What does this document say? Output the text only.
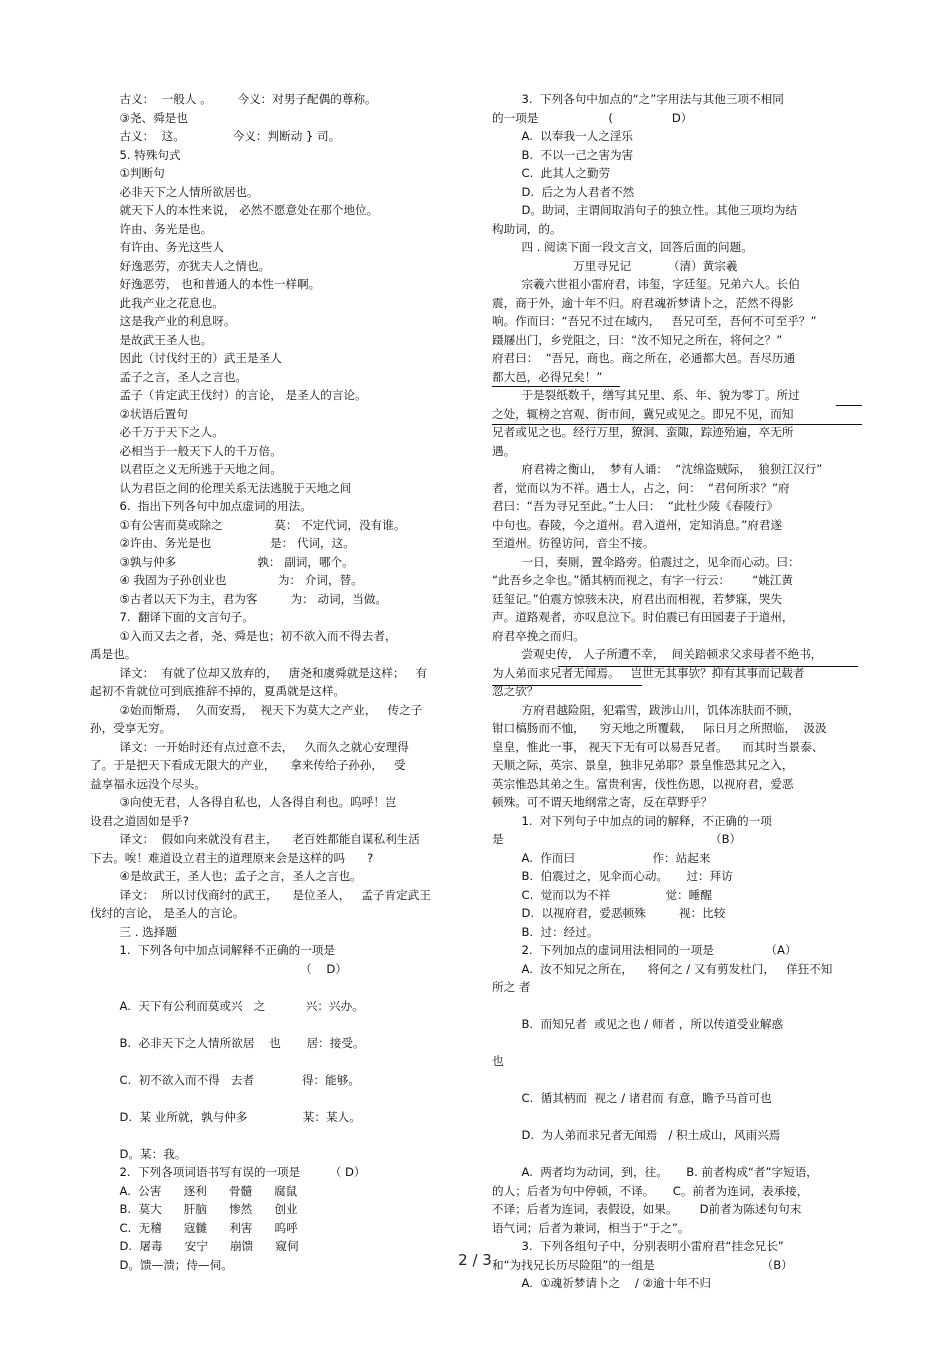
古义：  一般人 。       今义：对男子配偶的尊称。
③尧、舜是也
古义：  这。             今义：判断动 } 司。
5. 特殊句式
①判断句
必非天下之人情所欲居也。
就天下人的本性来说， 必然不愿意处在那个地位。
许由、务光是也。
有许由、务光这些人
好逸恶劳，亦犹夫人之情也。
好逸恶劳， 也和普通人的本性一样啊。
此我产业之花息也。
这是我产业的利息呀。
是故武王圣人也。
因此（讨伐纣王的）武王是圣人
孟子之言，圣人之言也。
孟子（肯定武王伐纣）的言论， 是圣人的言论。
②状语后置句
必千万于天下之人。
必相当于一般天下人的千万倍。
以君臣之义无所逃于天地之间。
认为君臣之间的伦理关系无法逃脱于天地之间
6.  指出下列各句中加点虚词的用法。
①有公害而莫或除之              莫： 不定代词，没有谁。
②许由、务光是也                是： 代词，这。
③孰与仲多                      孰： 副词，哪个。
④ 我固为子孙创业也              为： 介词，替。
⑤古者以天下为主，君为客         为： 动词，当做。
7.  翻译下面的文言句子。
①入而又去之者，尧、舜是也；初不欲入而不得去者，
禹是也。
译文：  有就了位却又放弃的，   唐尧和虞舜就是这样；   有
起初不肯就位可到底推辞不掉的，夏禹就是这样。
②始而惭焉，  久而安焉，  视天下为莫大之产业，   传之子
孙，受享无穷。
译文：一开始时还有点过意不去，   久而久之就心安理得
了。于是把天下看成无限大的产业，    拿来传给子孙孙，   受
益享福永远没个尽头。
③向使无君，人各得自私也，人各得自利也。呜呼！岂
设君之道固如是乎?
译文：  假如向来就没有君主，    老百姓都能自谋私利生活
下去。唉！难道设立君主的道理原来会是这样的吗      ?
④是故武王，圣人也；孟子之言，圣人之言也。
译文：  所以讨伐商纣的武王，    是位圣人，   孟子肯定武王
伐纣的言论， 是圣人的言论。
三 . 选择题
1.  下列各句中加点词解释不正确的一项是
（    D）

A.  天下有公利而莫或兴   之           兴：兴办。

B.  必非天下之人情所欲居    也       居：接受。

C.  初不欲入而不得   去者             得：能够。

D.  某 业所就，孰与仲多               某：某人。

D。某：我。
2.  下列各项词语书写有误的一项是        （ D）
A.  公害      逐利      骨髓      腐鼠
B.  莫大      肝脑      惨然      创业
C.  无稽      寇雠      利害      呜呼
D.  屠毒      安宁      崩馈      窥伺
D。馈—溃；侍—伺。
3.  下列各句中加点的“之”字用法与其他三项不相同
的一项是                   (                D）
A.  以奉我一人之淫乐
B.  不以一己之害为害
C.  此其人之勤劳
D.  后之为人君者不然
D。助词，主谓间取消句子的独立性。其他三项均为结
构助词，的。
四 . 阅读下面一段文言文，回答后面的问题。
万里寻兄记          （清）黄宗羲
宗羲六世祖小雷府君，讳玺，字廷玺。兄弟六人。长伯
震，商于外，逾十年不归。府君魂祈梦请卜之，茫然不得影
响。作而曰：“吾兄不过在域内，   吾兄可至，吾何不可至乎？”
蹑屦出门，乡党阻之，曰：“汝不知兄之所在，将何之？”
府君曰：  “吾兄，商也。商之所在，必通都大邑。吾尽历通
都大邑，必得兄矣！”
于是裂纸数千，缮写其兄里、系、年、貌为零丁。所过
之处，辄榜之宫观、街市间，冀兄或见之。即兄不见，而知
兄者或见之也。经行万里，獠洞、蛮陬，踪迹殆遍，卒无所
遇。
府君祷之衡山，  梦有人诵：  “沈绵盗贼际，  狼狈江汉行”
者，觉而以为不祥。遇士人，占之，问：  “君何所求？”府
君曰：“吾为寻兄至此。”士人曰：  “此杜少陵《春陵行》
中句也。春陵，今之道州。君入道州，定知消息。”府君遂
至道州。彷徨访问，音尘不接。
一日，奏厕，置伞路旁。伯震过之，见伞而心动。曰：
“此吾乡之伞也。”循其柄而视之，有字一行云：      “姚江黄
廷玺记。”伯震方惊骇未决，府君出而相视，若梦寐，哭失
声。道路观者，亦叹息泣下。时伯震已有田园妻子于道州，
府君卒挽之而归。
尝观史传， 人子所遭不幸，  间关踣顿求父求母者不绝书，
为人弟而求兄者无闻焉。   岂世无其事欤？抑有其事而记载者
忽之欤？
方府君越险阻，犯霜雪，跋涉山川，饥体冻肤而不顾，
钳口槁肠而不恤，    穷天地之所覆载，   际日月之所照临，  汲汲
皇皇，惟此一事， 视天下无有可以易吾兄者。    而其时当景泰、
天顺之际，英宗、景皇，独非兄弟耶？景皇惟恐其兄之入，
英宗惟恐其弟之生。富贵利害，伐性伤恩，以视府君，爱恶
顿殊。可不谓天地纲常之寄，反在草野乎？
1.  对下列句子中加点的词的解释，不正确的一项
是                                                        （B）
A.  作而曰                     作：站起来
B.  伯震过之，见伞而心动。     过：拜访
C.  觉而以为不祥               觉：睡醒
D.  以视府君，爱恶顿殊         视：比较
B.  过：经过。
2.  下列加点的虚词用法相同的一项是              （A）
A.  汝不知兄之所在，    将何之 / 又有剪发杜门，   佯狂不知
所之 者

B.  而知兄者  或见之也 / 师者 ，所以传道受业解惑

也

C.  循其柄而  视之 / 诸君而 有意，瞻予马首可也

D.  为人弟而求兄者无闻焉   / 积土成山，风雨兴焉

A.  两者均为动词，到，往。     B. 前者构成“者”字短语，
的人；后者为句中停顿，不译。     C。前者为连词，表承接，
不译；后者为连词，表假设，如果。      D前者为陈述句句末
语气词；后者为兼词，相当于“于之”。
3.  下列各组句子中，分别表明小雷府君“挂念兄长”
和“为找兄长历尽险阻”的一组是                             （B）
A.  ①魂祈梦请卜之    / ②逾十年不归
2 / 3
